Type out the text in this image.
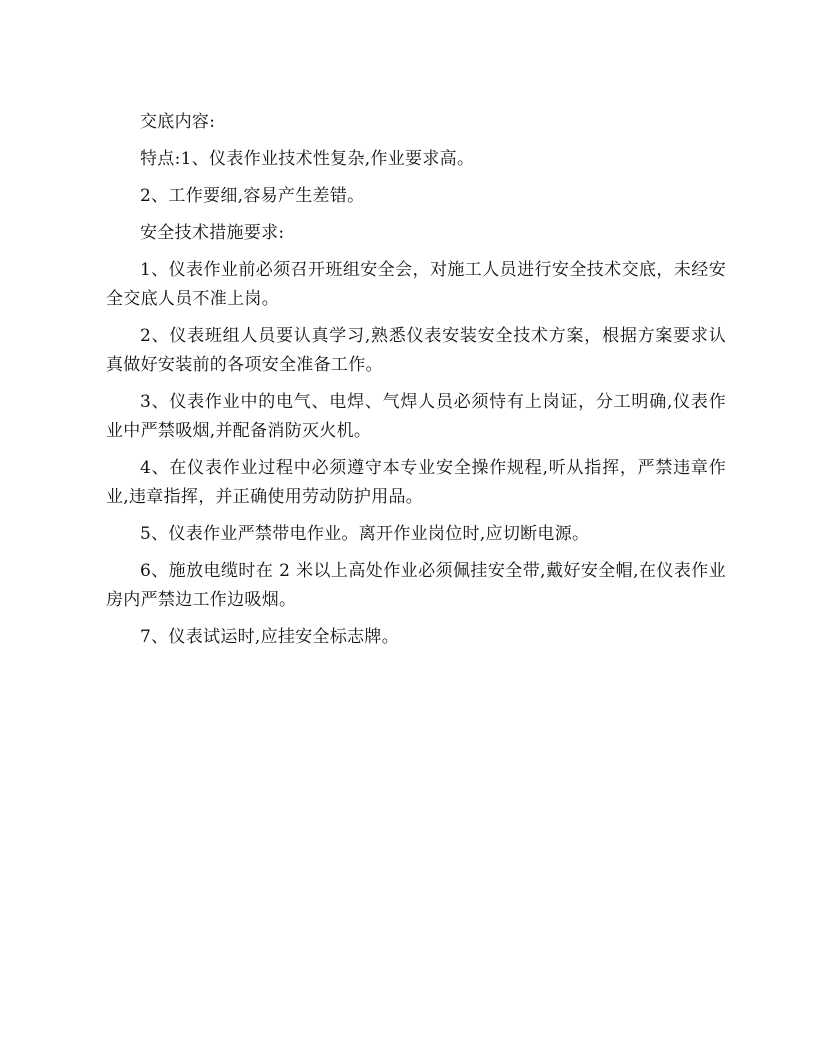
交底内容:

特点:1、仪表作业技术性复杂,作业要求高。

2、工作要细,容易产生差错。

安全技术措施要求:

1、仪表作业前必须召开班组安全会，对施工人员进行安全技术交底，未经安全交底人员不准上岗。

2、仪表班组人员要认真学习,熟悉仪表安装安全技术方案，根据方案要求认真做好安装前的各项安全准备工作。

3、仪表作业中的电气、电焊、气焊人员必须恃有上岗证，分工明确,仪表作业中严禁吸烟,并配备消防灭火机。

4、在仪表作业过程中必须遵守本专业安全操作规程,听从指挥，严禁违章作业,违章指挥，并正确使用劳动防护用品。

5、仪表作业严禁带电作业。离开作业岗位时,应切断电源。

6、施放电缆时在 2 米以上高处作业必须佩挂安全带,戴好安全帽,在仪表作业房内严禁边工作边吸烟。

7、仪表试运时,应挂安全标志牌。
